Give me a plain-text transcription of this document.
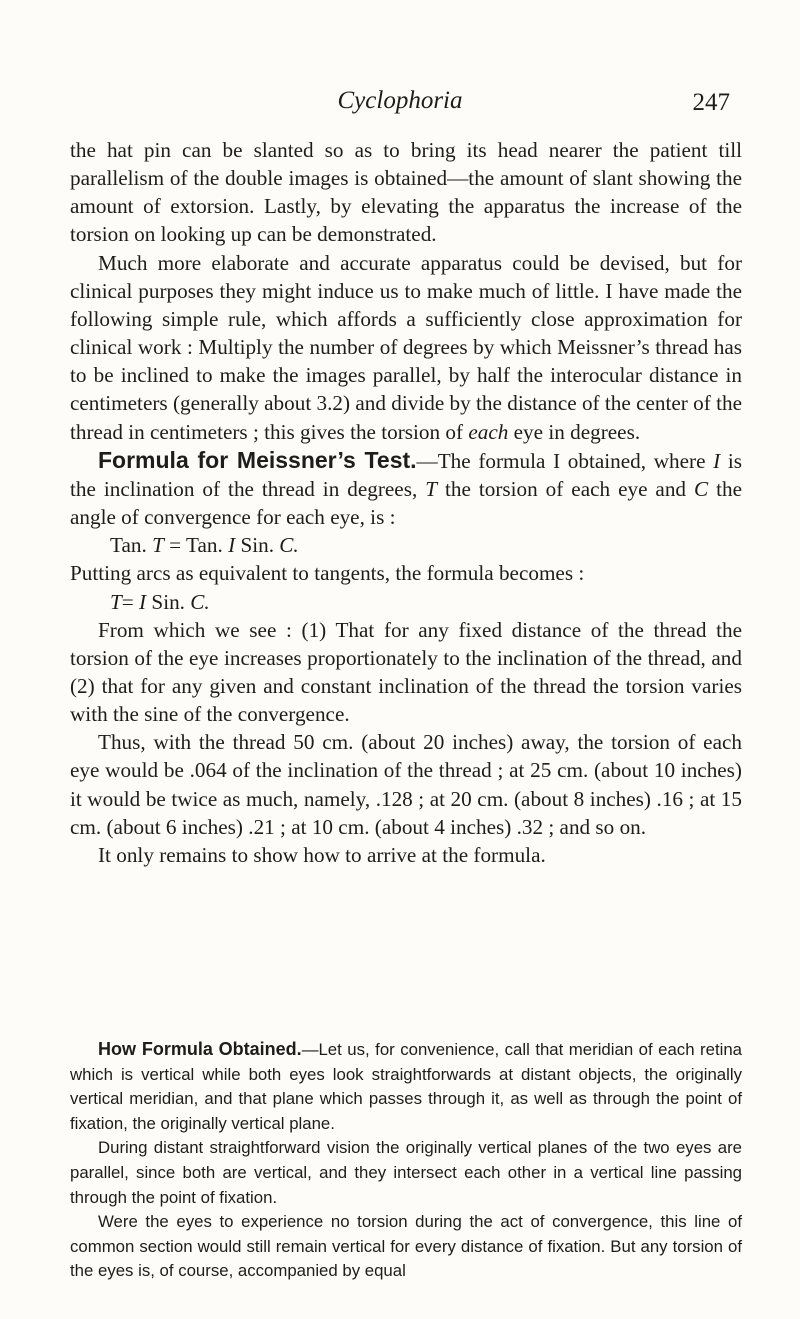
Cyclophoria	247

the hat pin can be slanted so as to bring its head nearer the patient till parallelism of the double images is obtained—the amount of slant showing the amount of extorsion. Lastly, by elevating the apparatus the increase of the torsion on looking up can be demonstrated.

Much more elaborate and accurate apparatus could be devised, but for clinical purposes they might induce us to make much of little. I have made the following simple rule, which affords a sufficiently close approximation for clinical work : Multiply the number of degrees by which Meissner’s thread has to be inclined to make the images parallel, by half the interocular distance in centimeters (generally about 3.2) and divide by the distance of the center of the thread in centimeters ; this gives the torsion of each eye in degrees.

Formula for Meissner’s Test.—The formula I obtained, where I is the inclination of the thread in degrees, T the torsion of each eye and C the angle of convergence for each eye, is :

Tan. T = Tan. I Sin. C.

Putting arcs as equivalent to tangents, the formula becomes :

T= I Sin. C.

From which we see : (1) That for any fixed distance of the thread the torsion of the eye increases proportionately to the inclination of the thread, and (2) that for any given and constant inclination of the thread the torsion varies with the sine of the convergence.

Thus, with the thread 50 cm. (about 20 inches) away, the torsion of each eye would be .064 of the inclination of the thread ; at 25 cm. (about 10 inches) it would be twice as much, namely, .128 ; at 20 cm. (about 8 inches) .16 ; at 15 cm. (about 6 inches) .21 ; at 10 cm. (about 4 inches) .32 ; and so on.

It only remains to show how to arrive at the formula.

How Formula Obtained.—Let us, for convenience, call that meridian of each retina which is vertical while both eyes look straightforwards at distant objects, the originally vertical meridian, and that plane which passes through it, as well as through the point of fixation, the originally vertical plane.

During distant straightforward vision the originally vertical planes of the two eyes are parallel, since both are vertical, and they intersect each other in a vertical line passing through the point of fixation.

Were the eyes to experience no torsion during the act of convergence, this line of common section would still remain vertical for every distance of fixation. But any torsion of the eyes is, of course, accompanied by equal
